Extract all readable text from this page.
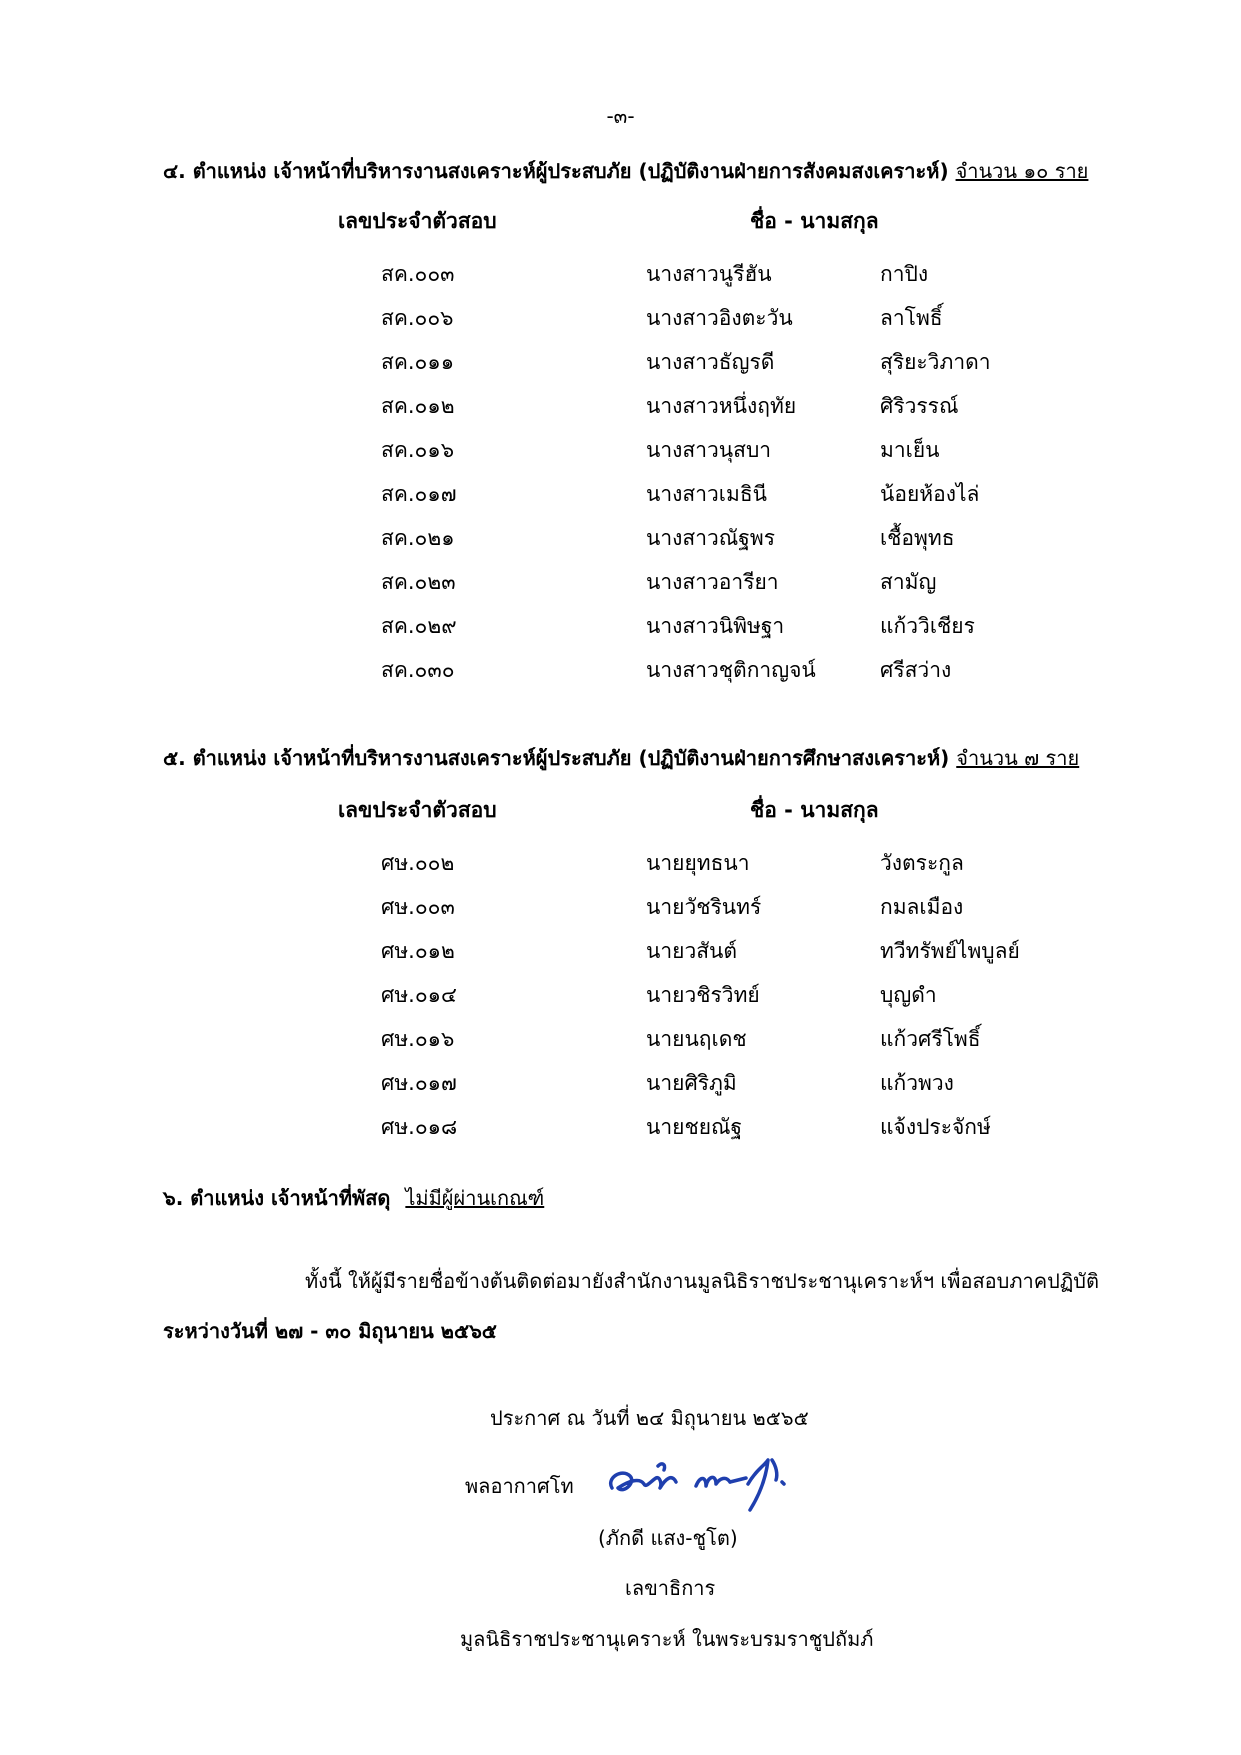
-๓-
๔. ตำแหน่ง เจ้าหน้าที่บริหารงานสงเคราะห์ผู้ประสบภัย (ปฏิบัติงานฝ่ายการสังคมสงเคราะห์) จำนวน ๑๐ ราย
เลขประจำตัวสอบ	ชื่อ - นามสกุล
สค.๐๐๓	นางสาวนูรีฮัน	กาปิง
สค.๐๐๖	นางสาวอิงตะวัน	ลาโพธิ์
สค.๐๑๑	นางสาวธัญรดี	สุริยะวิภาดา
สค.๐๑๒	นางสาวหนึ่งฤทัย	ศิริวรรณ์
สค.๐๑๖	นางสาวนุสบา	มาเย็น
สค.๐๑๗	นางสาวเมธินี	น้อยห้องไล่
สค.๐๒๑	นางสาวณัฐพร	เชื้อพุทธ
สค.๐๒๓	นางสาวอารียา	สามัญ
สค.๐๒๙	นางสาวนิพิษฐา	แก้ววิเชียร
สค.๐๓๐	นางสาวชุติกาญจน์	ศรีสว่าง
๕. ตำแหน่ง เจ้าหน้าที่บริหารงานสงเคราะห์ผู้ประสบภัย (ปฏิบัติงานฝ่ายการศึกษาสงเคราะห์) จำนวน ๗ ราย
เลขประจำตัวสอบ	ชื่อ - นามสกุล
ศษ.๐๐๒	นายยุทธนา	วังตระกูล
ศษ.๐๐๓	นายวัชรินทร์	กมลเมือง
ศษ.๐๑๒	นายวสันต์	ทวีทรัพย์ไพบูลย์
ศษ.๐๑๔	นายวชิรวิทย์	บุญดำ
ศษ.๐๑๖	นายนฤเดช	แก้วศรีโพธิ์
ศษ.๐๑๗	นายศิริภูมิ	แก้วพวง
ศษ.๐๑๘	นายชยณัฐ	แจ้งประจักษ์
๖. ตำแหน่ง เจ้าหน้าที่พัสดุ ไม่มีผู้ผ่านเกณฑ์
ทั้งนี้ ให้ผู้มีรายชื่อข้างต้นติดต่อมายังสำนักงานมูลนิธิราชประชานุเคราะห์ฯ เพื่อสอบภาคปฏิบัติ
ระหว่างวันที่ ๒๗ - ๓๐ มิถุนายน ๒๕๖๕
ประกาศ ณ วันที่ ๒๔ มิถุนายน ๒๕๖๕
พลอากาศโท
(ภักดี แสง-ชูโต)
เลขาธิการ
มูลนิธิราชประชานุเคราะห์ ในพระบรมราชูปถัมภ์
